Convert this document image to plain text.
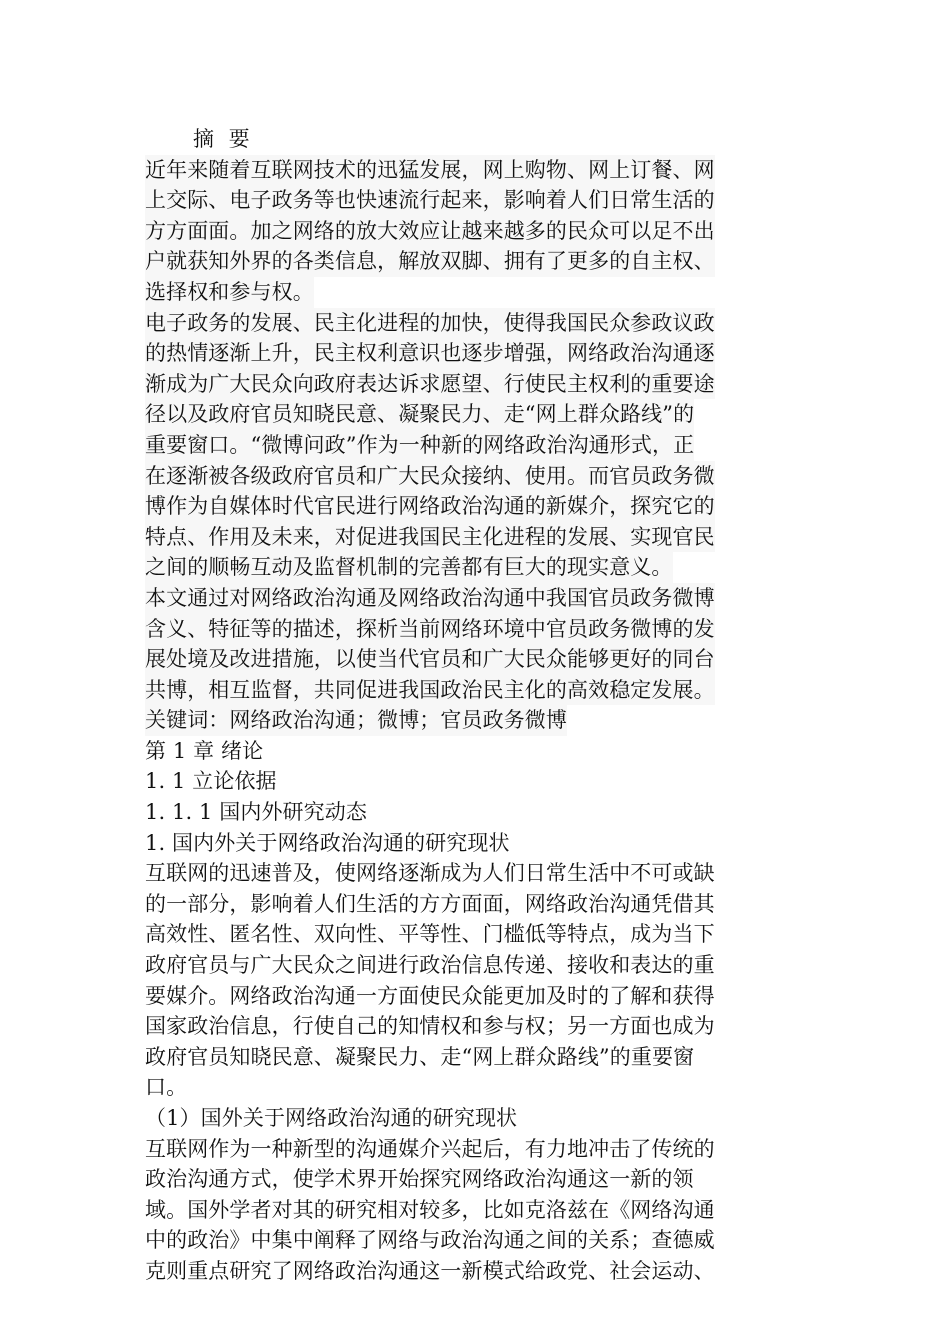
摘 要
近年来随着互联网技术的迅猛发展，网上购物、网上订餐、网
上交际、电子政务等也快速流行起来，影响着人们日常生活的
方方面面。加之网络的放大效应让越来越多的民众可以足不出
户就获知外界的各类信息，解放双脚、拥有了更多的自主权、
选择权和参与权。
电子政务的发展、民主化进程的加快，使得我国民众参政议政
的热情逐渐上升，民主权利意识也逐步增强，网络政治沟通逐
渐成为广大民众向政府表达诉求愿望、行使民主权利的重要途
径以及政府官员知晓民意、凝聚民力、走“网上群众路线”的
重要窗口。“微博问政”作为一种新的网络政治沟通形式，正
在逐渐被各级政府官员和广大民众接纳、使用。而官员政务微
博作为自媒体时代官民进行网络政治沟通的新媒介，探究它的
特点、作用及未来，对促进我国民主化进程的发展、实现官民
之间的顺畅互动及监督机制的完善都有巨大的现实意义。
本文通过对网络政治沟通及网络政治沟通中我国官员政务微博
含义、特征等的描述，探析当前网络环境中官员政务微博的发
展处境及改进措施，以使当代官员和广大民众能够更好的同台
共博，相互监督，共同促进我国政治民主化的高效稳定发展。
关键词：网络政治沟通；微博；官员政务微博
第 1 章 绪论
1. 1 立论依据
1. 1. 1 国内外研究动态
1. 国内外关于网络政治沟通的研究现状
互联网的迅速普及，使网络逐渐成为人们日常生活中不可或缺
的一部分，影响着人们生活的方方面面，网络政治沟通凭借其
高效性、匿名性、双向性、平等性、门槛低等特点，成为当下
政府官员与广大民众之间进行政治信息传递、接收和表达的重
要媒介。网络政治沟通一方面使民众能更加及时的了解和获得
国家政治信息，行使自己的知情权和参与权；另一方面也成为
政府官员知晓民意、凝聚民力、走“网上群众路线”的重要窗
口。
（1）国外关于网络政治沟通的研究现状
互联网作为一种新型的沟通媒介兴起后，有力地冲击了传统的
政治沟通方式，使学术界开始探究网络政治沟通这一新的领
域。国外学者对其的研究相对较多，比如克洛兹在《网络沟通
中的政治》中集中阐释了网络与政治沟通之间的关系；查德威
克则重点研究了网络政治沟通这一新模式给政党、社会运动、
